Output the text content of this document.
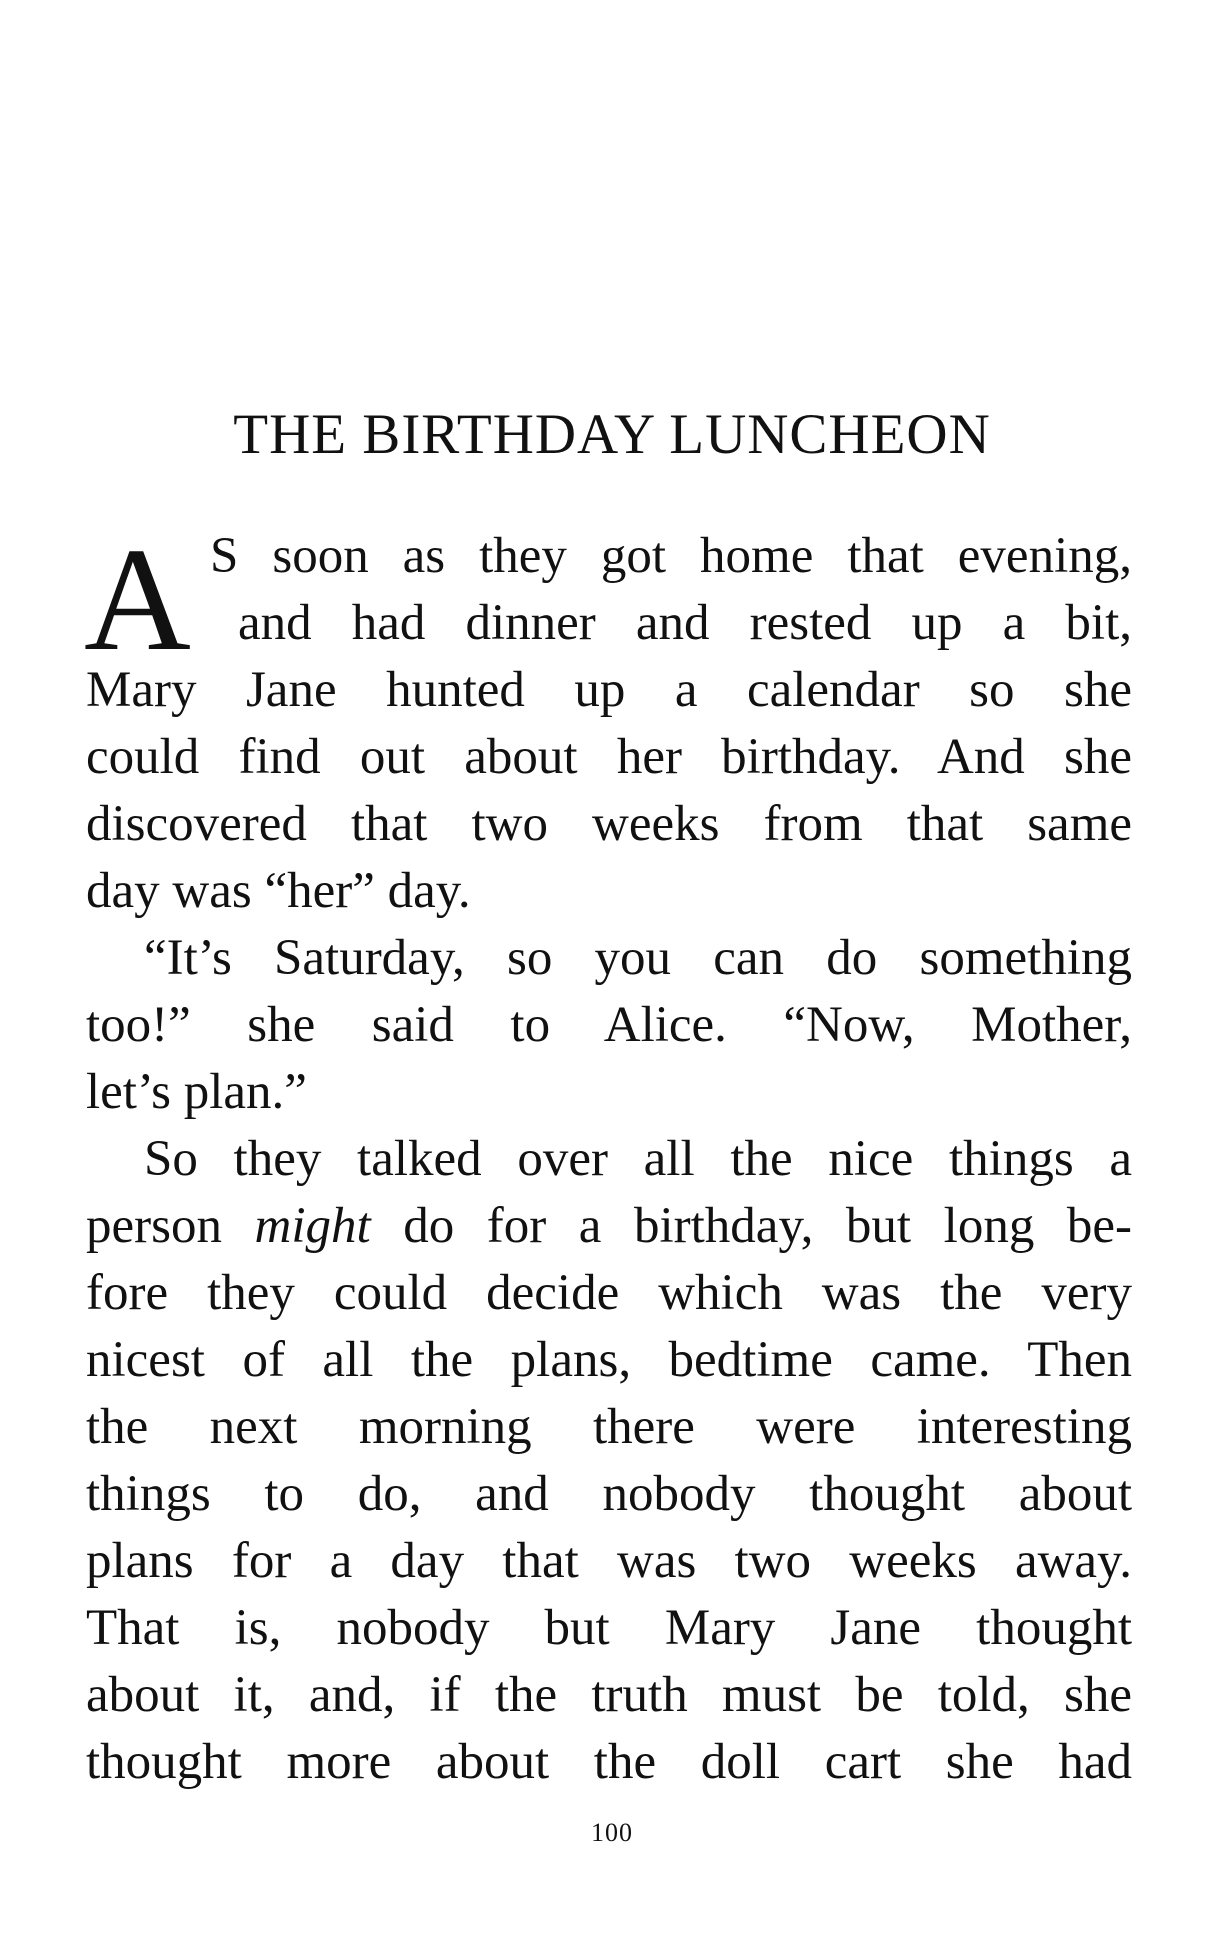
THE BIRTHDAY LUNCHEON
A S soon as they got home that evening,

and had dinner and rested up a bit,

Mary Jane hunted up a calendar so she

could find out about her birthday. And she

discovered that two weeks from that same

day was “her” day.

“It’s Saturday, so you can do something

too!” she said to Alice. “Now, Mother,

let’s plan.”

So they talked over all the nice things a

person might do for a birthday, but long be-

fore they could decide which was the very

nicest of all the plans, bedtime came. Then

the next morning there were interesting

things to do, and nobody thought about

plans for a day that was two weeks away.

That is, nobody but Mary Jane thought

about it, and, if the truth must be told, she

thought more about the doll cart she had

100
